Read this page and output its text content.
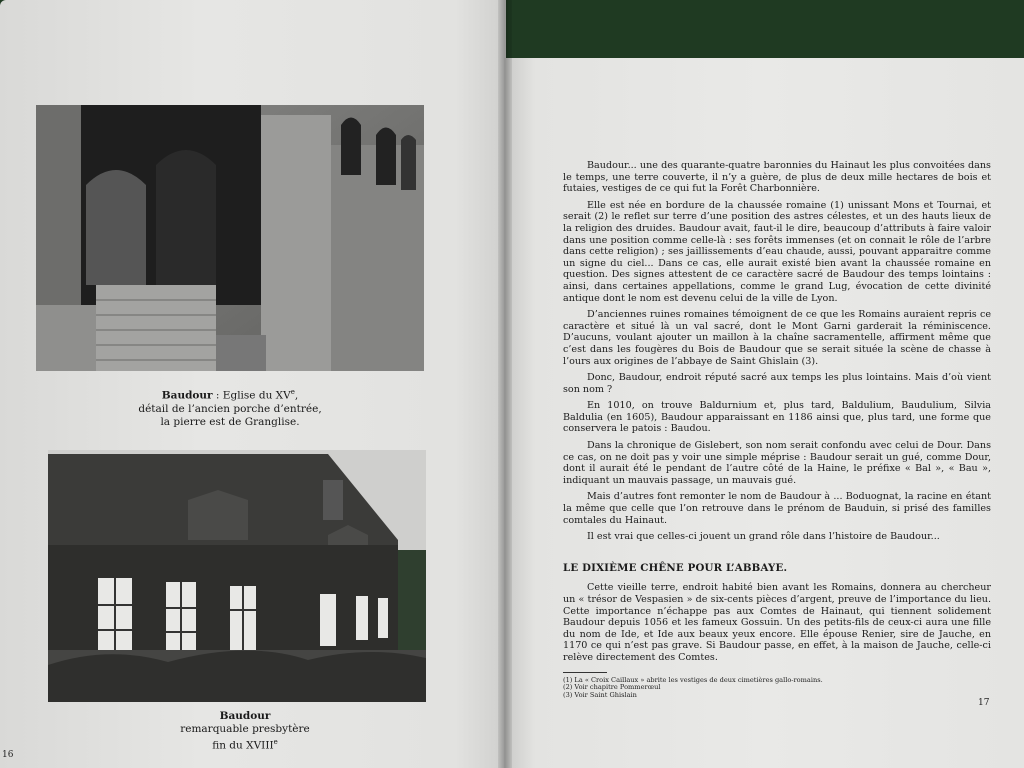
Baudour : Eglise du XVe,
détail de l’ancien porche d’entrée,
la pierre est de Granglise.
Baudour
remarquable presbytère
fin du XVIIIe
16

Baudour... une des quarante-quatre baronnies du Hainaut les plus convoitées dans le temps, une terre couverte, il n’y a guère, de plus de deux mille hectares de bois et futaies, vestiges de ce qui fut la Forêt Charbonnière.

Elle est née en bordure de la chaussée romaine (1) unissant Mons et Tournai, et serait (2) le reflet sur terre d’une position des astres célestes, et un des hauts lieux de la religion des druides. Baudour avait, faut-il le dire, beaucoup d’attributs à faire valoir dans une position comme celle-là : ses forêts immenses (et on connait le rôle de l’arbre dans cette religion) ; ses jaillissements d’eau chaude, aussi, pouvant apparaitre comme un signe du ciel... Dans ce cas, elle aurait existé bien avant la chaussée romaine en question. Des signes attestent de ce caractère sacré de Baudour des temps lointains : ainsi, dans certaines appellations, comme le grand Lug, évocation de cette divinité antique dont le nom est devenu celui de la ville de Lyon.

D’anciennes ruines romaines témoignent de ce que les Romains auraient repris ce caractère et situé là un val sacré, dont le Mont Garni garderait la réminiscence. D’aucuns, voulant ajouter un maillon à la chaîne sacramentelle, affirment même que c’est dans les fougères du Bois de Baudour que se serait située la scène de chasse à l’ours aux origines de l’abbaye de Saint Ghislain (3).

Donc, Baudour, endroit réputé sacré aux temps les plus lointains. Mais d’où vient son nom ?

En 1010, on trouve Baldurnium et, plus tard, Baldulium, Baudulium, Silvia Baldulia (en 1605), Baudour apparaissant en 1186 ainsi que, plus tard, une forme que conservera le patois : Baudou.

Dans la chronique de Gislebert, son nom serait confondu avec celui de Dour. Dans ce cas, on ne doit pas y voir une simple méprise : Baudour serait un gué, comme Dour, dont il aurait été le pendant de l’autre côté de la Haine, le préfixe « Bal », « Bau », indiquant un mauvais passage, un mauvais gué.

Mais d’autres font remonter le nom de Baudour à ... Boduognat, la racine en étant la même que celle que l’on retrouve dans le prénom de Bauduin, si prisé des familles comtales du Hainaut.

Il est vrai que celles-ci jouent un grand rôle dans l’histoire de Baudour...

LE DIXIÈME CHÊNE POUR L’ABBAYE.

Cette vieille terre, endroit habité bien avant les Romains, donnera au chercheur un « trésor de Vespasien » de six-cents pièces d’argent, preuve de l’importance du lieu. Cette importance n’échappe pas aux Comtes de Hainaut, qui tiennent solidement Baudour depuis 1056 et les fameux Gossuin. Un des petits-fils de ceux-ci aura une fille du nom de Ide, et Ide aux beaux yeux encore. Elle épouse Renier, sire de Jauche, en 1170 ce qui n’est pas grave. Si Baudour passe, en effet, à la maison de Jauche, celle-ci relève directement des Comtes.

(1) La « Croix Caillaux » abrite les vestiges de deux cimetières gallo-romains.
(2) Voir chapitre Pommerœul
(3) Voir Saint Ghislain
17
